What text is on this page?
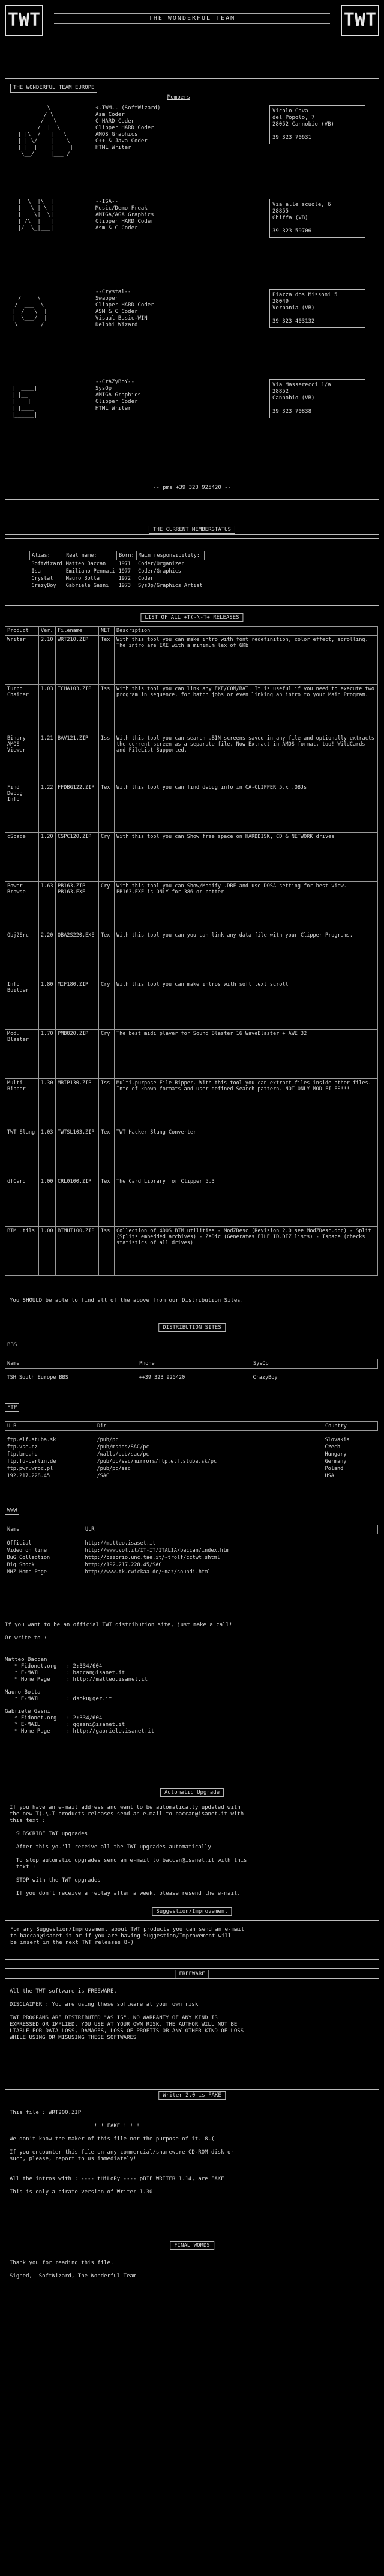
TWT	THE WONDERFUL TEAM	TWT
THE WONDERFUL TEAM EUROPE
Members
\
/ \
/   \
/  |  \
| |\  /   |   \
| | \/    |    \
|_|  |    |     |
\__/     |___ /
<-TWM-- (SoftWizard)
Asm Coder
C HARD Coder
Clipper HARD Coder
AMOS Graphics
C++ & Java Coder
HTML Writer
Vicolo Cava
del Popolo, 7
28052 Cannobio (VB)
39 323 70631
|  \  |\  |
|   \ | \ |
|    \|  \|
| /\  |   |
|/  \_|___|
--ISA--
Music/Demo Freak
AMIGA/AGA Graphics
Clipper HARD Coder
Asm & C Coder
Via alle scuole, 6
28855
Ghiffa (VB)
39 323 59706
_____
/     \
/  ___  \
|  /   \  |
|  \___/  |
\_______/
--Crystal--
Swapper
Clipper HARD Coder
ASM & C Coder
Visual Basic-WIN
Delphi Wizard
Piazza dos Missoni 5
28049
Verbania (VB)
39 323 403132
______
|  ____|
| |__
|  __|
| |____
|______|
--CrAZyBoY--
SysOp
AMIGA Graphics
Clipper Coder
HTML Writer
Via Masserecci 1/a
28852
Cannobio (VB)
39 323 70838
-- pms +39 323 925420 --
THE CURRENT MEMBERSTATUS
Alias:	Real name:	Born:	Main responsibility:
SoftWizard	Matteo Baccan	1971	Coder/Organizer
Isa	Emiliano Pennati	1977	Coder/Graphics
Crystal	Mauro Botta	1972	Coder
CrazyBoy	Gabriele Gasni	1973	SysOp/Graphics Artist
LIST OF ALL +T(-\-T+ RELEASES
Product	Ver.	Filename	NET	Description
Writer	2.10	WRT210.ZIP	Tex	With this tool you can make intro with font redefinition, color effect, scrolling. The intro are EXE with a minimum lex of 6Kb
Turbo Chainer	1.03	TCHA103.ZIP	Iss	With this tool you can link any EXE/COM/BAT. It is useful if you need to execute two program in sequence, for batch jobs or even linking an intro to your Main Program.
Binary AMOS Viewer	1.21	BAV121.ZIP	Iss	With this tool you can search .BIN screens saved in any file and optionally extracts the current screen as a separate file. Now Extract in AMOS format, too! WildCards and FileList Supported.
Find Debug Info	1.22	FFDBG122.ZIP	Tex	With this tool you can find debug info in CA-CLIPPER 5.x .OBJs
cSpace	1.20	CSPC120.ZIP	Cry	With this tool you can Show free space on HARDDISK, CD & NETWORK drives
Power Browse	1.63	PB163.ZIP PB163.EXE	Cry	With this tool you can Show/Modify .DBF and use DOSA setting for best view. PB163.EXE is ONLY for 386 or better
Obj2Src	2.20	OBA2S220.EXE	Tex	With this tool you can you can link any data file with your Clipper Programs.
Info Builder	1.80	MIF180.ZIP	Cry	With this tool you can make intros with soft text scroll
Mod. Blaster	1.70	PMB820.ZIP	Cry	The best midi player for Sound Blaster 16 WaveBlaster + AWE 32
Multi Ripper	1.30	MRIP130.ZIP	Iss	Multi-purpose File Ripper. With this tool you can extract files inside other files. Into of known formats and user defined Search pattern. NOT ONLY MOD FILES!!!
TWT Slang	1.03	TWTSL103.ZIP	Tex	TWT Hacker Slang Converter
dfCard	1.00	CRL0100.ZIP	Tex	The Card Library for Clipper 5.3
BTM Utils	1.00	BTMUT100.ZIP	Iss	Collection of 4DOS BTM utilities - ModZDesc (Revision 2.0 see ModZDesc.doc) - Split (Splits embedded archives) - ZeDic (Generates FILE_ID.DIZ lists) - Ispace (checks statistics of all drives)
You SHOULD be able to find all of the above from our Distribution Sites.
DISTRIBUTION SITES
BBS
Name	Phone	SysOp
TSH South Europe BBS	++39 323 925420	CrazyBoy
FTP
ULR	Dir	Country
ftp.elf.stuba.sk	/pub/pc	Slovakia
ftp.vse.cz	/pub/msdos/SAC/pc	Czech
ftp.bme.hu	/walls/pub/sac/pc	Hungary
ftp.fu-berlin.de	/pub/pc/sac/mirrors/ftp.elf.stuba.sk/pc	Germany
ftp.pwr.wroc.pl	/pub/pc/sac	Poland
192.217.228.45	/SAC	USA
WWW
Name	ULR
Official	http://matteo.isaset.it
Video on line	http://www.vol.it/IT-IT/ITALIA/baccan/index.htm
BuG Collection	http://ozzorio.unc.tae.it/~trolf/cctwt.shtml
Big Shock	http://192.217.228.45/SAC
MHZ Home Page	http://www.tk-cwickaa.de/~maz/soundi.html
If you want to be an official TWT distribution site, just make a call!
Or write to :
Matteo Baccan
* Fidonet.org   : 2:334/604
* E-MAIL        : baccan@isanet.it
* Home Page     : http://matteo.isanet.it
Mauro Botta
* E-MAIL        : dsoku@ger.it
Gabriele Gasni
* Fidonet.org   : 2:334/604
* E-MAIL        : ggasni@isanet.it
* Home Page     : http://gabriele.isanet.it
Automatic Upgrade
If you have an e-mail address and want to be automatically updated with
the new T(-\-T products releases send an e-mail to baccan@isanet.it with
this text :

SUBSCRIBE TWT upgrades

After this you'll receive all the TWT upgrades automatically

To stop automatic upgrades send an e-mail to baccan@isanet.it with this
text :

STOP with the TWT upgrades

If you don't receive a replay after a week, please resend the e-mail.
Suggestion/Improvement
For any Suggestion/Improvement about TWT products you can send an e-mail
to baccan@isanet.it or if you are having Suggestion/Improvement will
be insert in the next TWT releases 8-)
FREEWARE
All the TWT software is FREEWARE.

DISCLAIMER : You are using these software at your own risk !

TWT PROGRAMS ARE DISTRIBUTED "AS IS". NO WARRANTY OF ANY KIND IS
EXPRESSED OR IMPLIED. YOU USE AT YOUR OWN RISK. THE AUTHOR WILL NOT BE
LIABLE FOR DATA LOSS, DAMAGES, LOSS OF PROFITS OR ANY OTHER KIND OF LOSS
WHILE USING OR MISUSING THESE SOFTWARES
Writer 2.0 is FAKE
This file : WRT200.ZIP

! ! FAKE ! ! !

We don't know the maker of this file nor the purpose of it. 8-(

If you encounter this file on any commercial/shareware CD-ROM disk or
such, please, report to us immediately!

All the intros with : ---- tHiLoRy ---- pBIF WRITER 1.14, are FAKE

This is only a pirate version of Writer 1.30
FINAL WORDS
Thank you for reading this file.

Signed,  SoftWizard, The Wonderful Team
